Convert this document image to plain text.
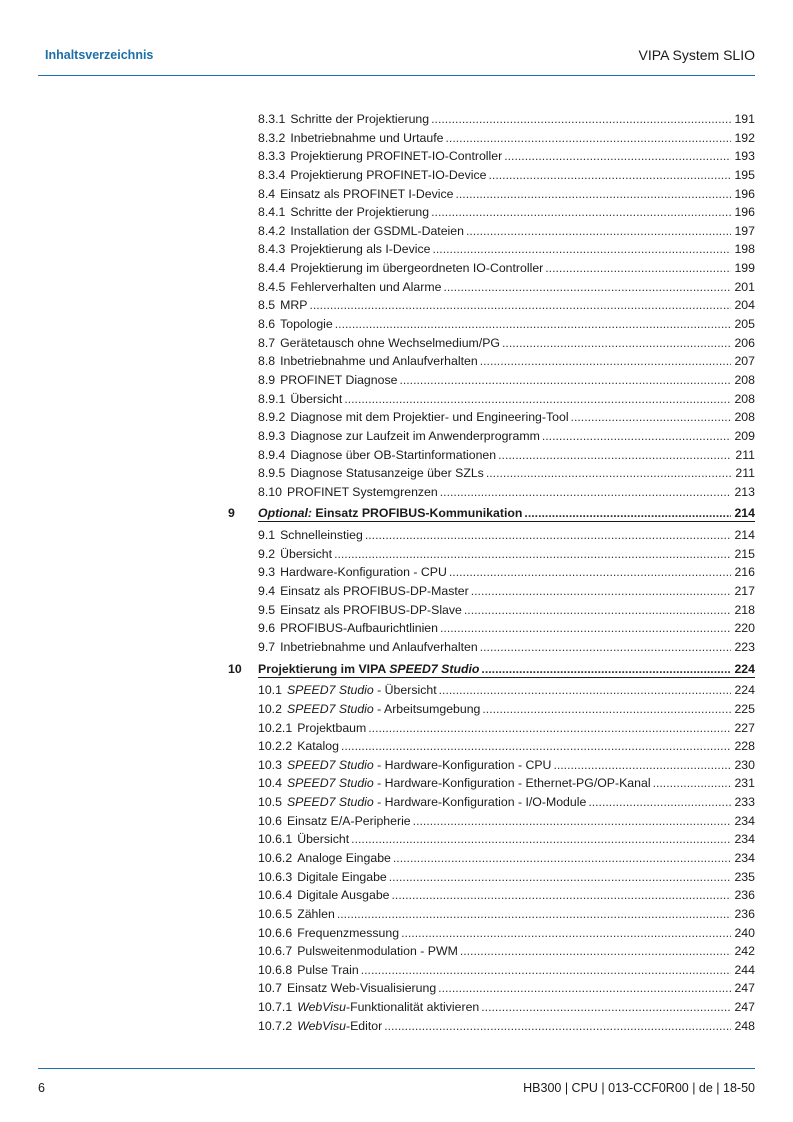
Inhaltsverzeichnis	VIPA System SLIO
8.3.1 Schritte der Projektierung .....	191
8.3.2 Inbetriebnahme und Urtaufe .....	192
8.3.3 Projektierung PROFINET-IO-Controller .....	193
8.3.4 Projektierung PROFINET-IO-Device .....	195
8.4 Einsatz als PROFINET I-Device .....	196
8.4.1 Schritte der Projektierung .....	196
8.4.2 Installation der GSDML-Dateien .....	197
8.4.3 Projektierung als I-Device .....	198
8.4.4 Projektierung im übergeordneten IO-Controller .....	199
8.4.5 Fehlerverhalten und Alarme .....	201
8.5 MRP .....	204
8.6 Topologie .....	205
8.7 Gerätetausch ohne Wechselmedium/PG .....	206
8.8 Inbetriebnahme und Anlaufverhalten .....	207
8.9 PROFINET Diagnose .....	208
8.9.1 Übersicht .....	208
8.9.2 Diagnose mit dem Projektier- und Engineering-Tool .....	208
8.9.3 Diagnose zur Laufzeit im Anwenderprogramm .....	209
8.9.4 Diagnose über OB-Startinformationen .....	211
8.9.5 Diagnose Statusanzeige über SZLs .....	211
8.10 PROFINET Systemgrenzen .....	213
9 Optional: Einsatz PROFIBUS-Kommunikation .....	214
9.1 Schnelleinstieg .....	214
9.2 Übersicht .....	215
9.3 Hardware-Konfiguration - CPU .....	216
9.4 Einsatz als PROFIBUS-DP-Master .....	217
9.5 Einsatz als PROFIBUS-DP-Slave .....	218
9.6 PROFIBUS-Aufbaurichtlinien .....	220
9.7 Inbetriebnahme und Anlaufverhalten .....	223
10 Projektierung im VIPA SPEED7 Studio .....	224
10.1 SPEED7 Studio - Übersicht .....	224
10.2 SPEED7 Studio - Arbeitsumgebung .....	225
10.2.1 Projektbaum .....	227
10.2.2 Katalog .....	228
10.3 SPEED7 Studio - Hardware-Konfiguration - CPU .....	230
10.4 SPEED7 Studio - Hardware-Konfiguration - Ethernet-PG/OP-Kanal .....	231
10.5 SPEED7 Studio - Hardware-Konfiguration - I/O-Module .....	233
10.6 Einsatz E/A-Peripherie .....	234
10.6.1 Übersicht .....	234
10.6.2 Analoge Eingabe .....	234
10.6.3 Digitale Eingabe .....	235
10.6.4 Digitale Ausgabe .....	236
10.6.5 Zählen .....	236
10.6.6 Frequenzmessung .....	240
10.6.7 Pulsweitenmodulation - PWM .....	242
10.6.8 Pulse Train .....	244
10.7 Einsatz Web-Visualisierung .....	247
10.7.1 WebVisu-Funktionalität aktivieren .....	247
10.7.2 WebVisu-Editor .....	248
6	HB300 | CPU | 013-CCF0R00 | de | 18-50
